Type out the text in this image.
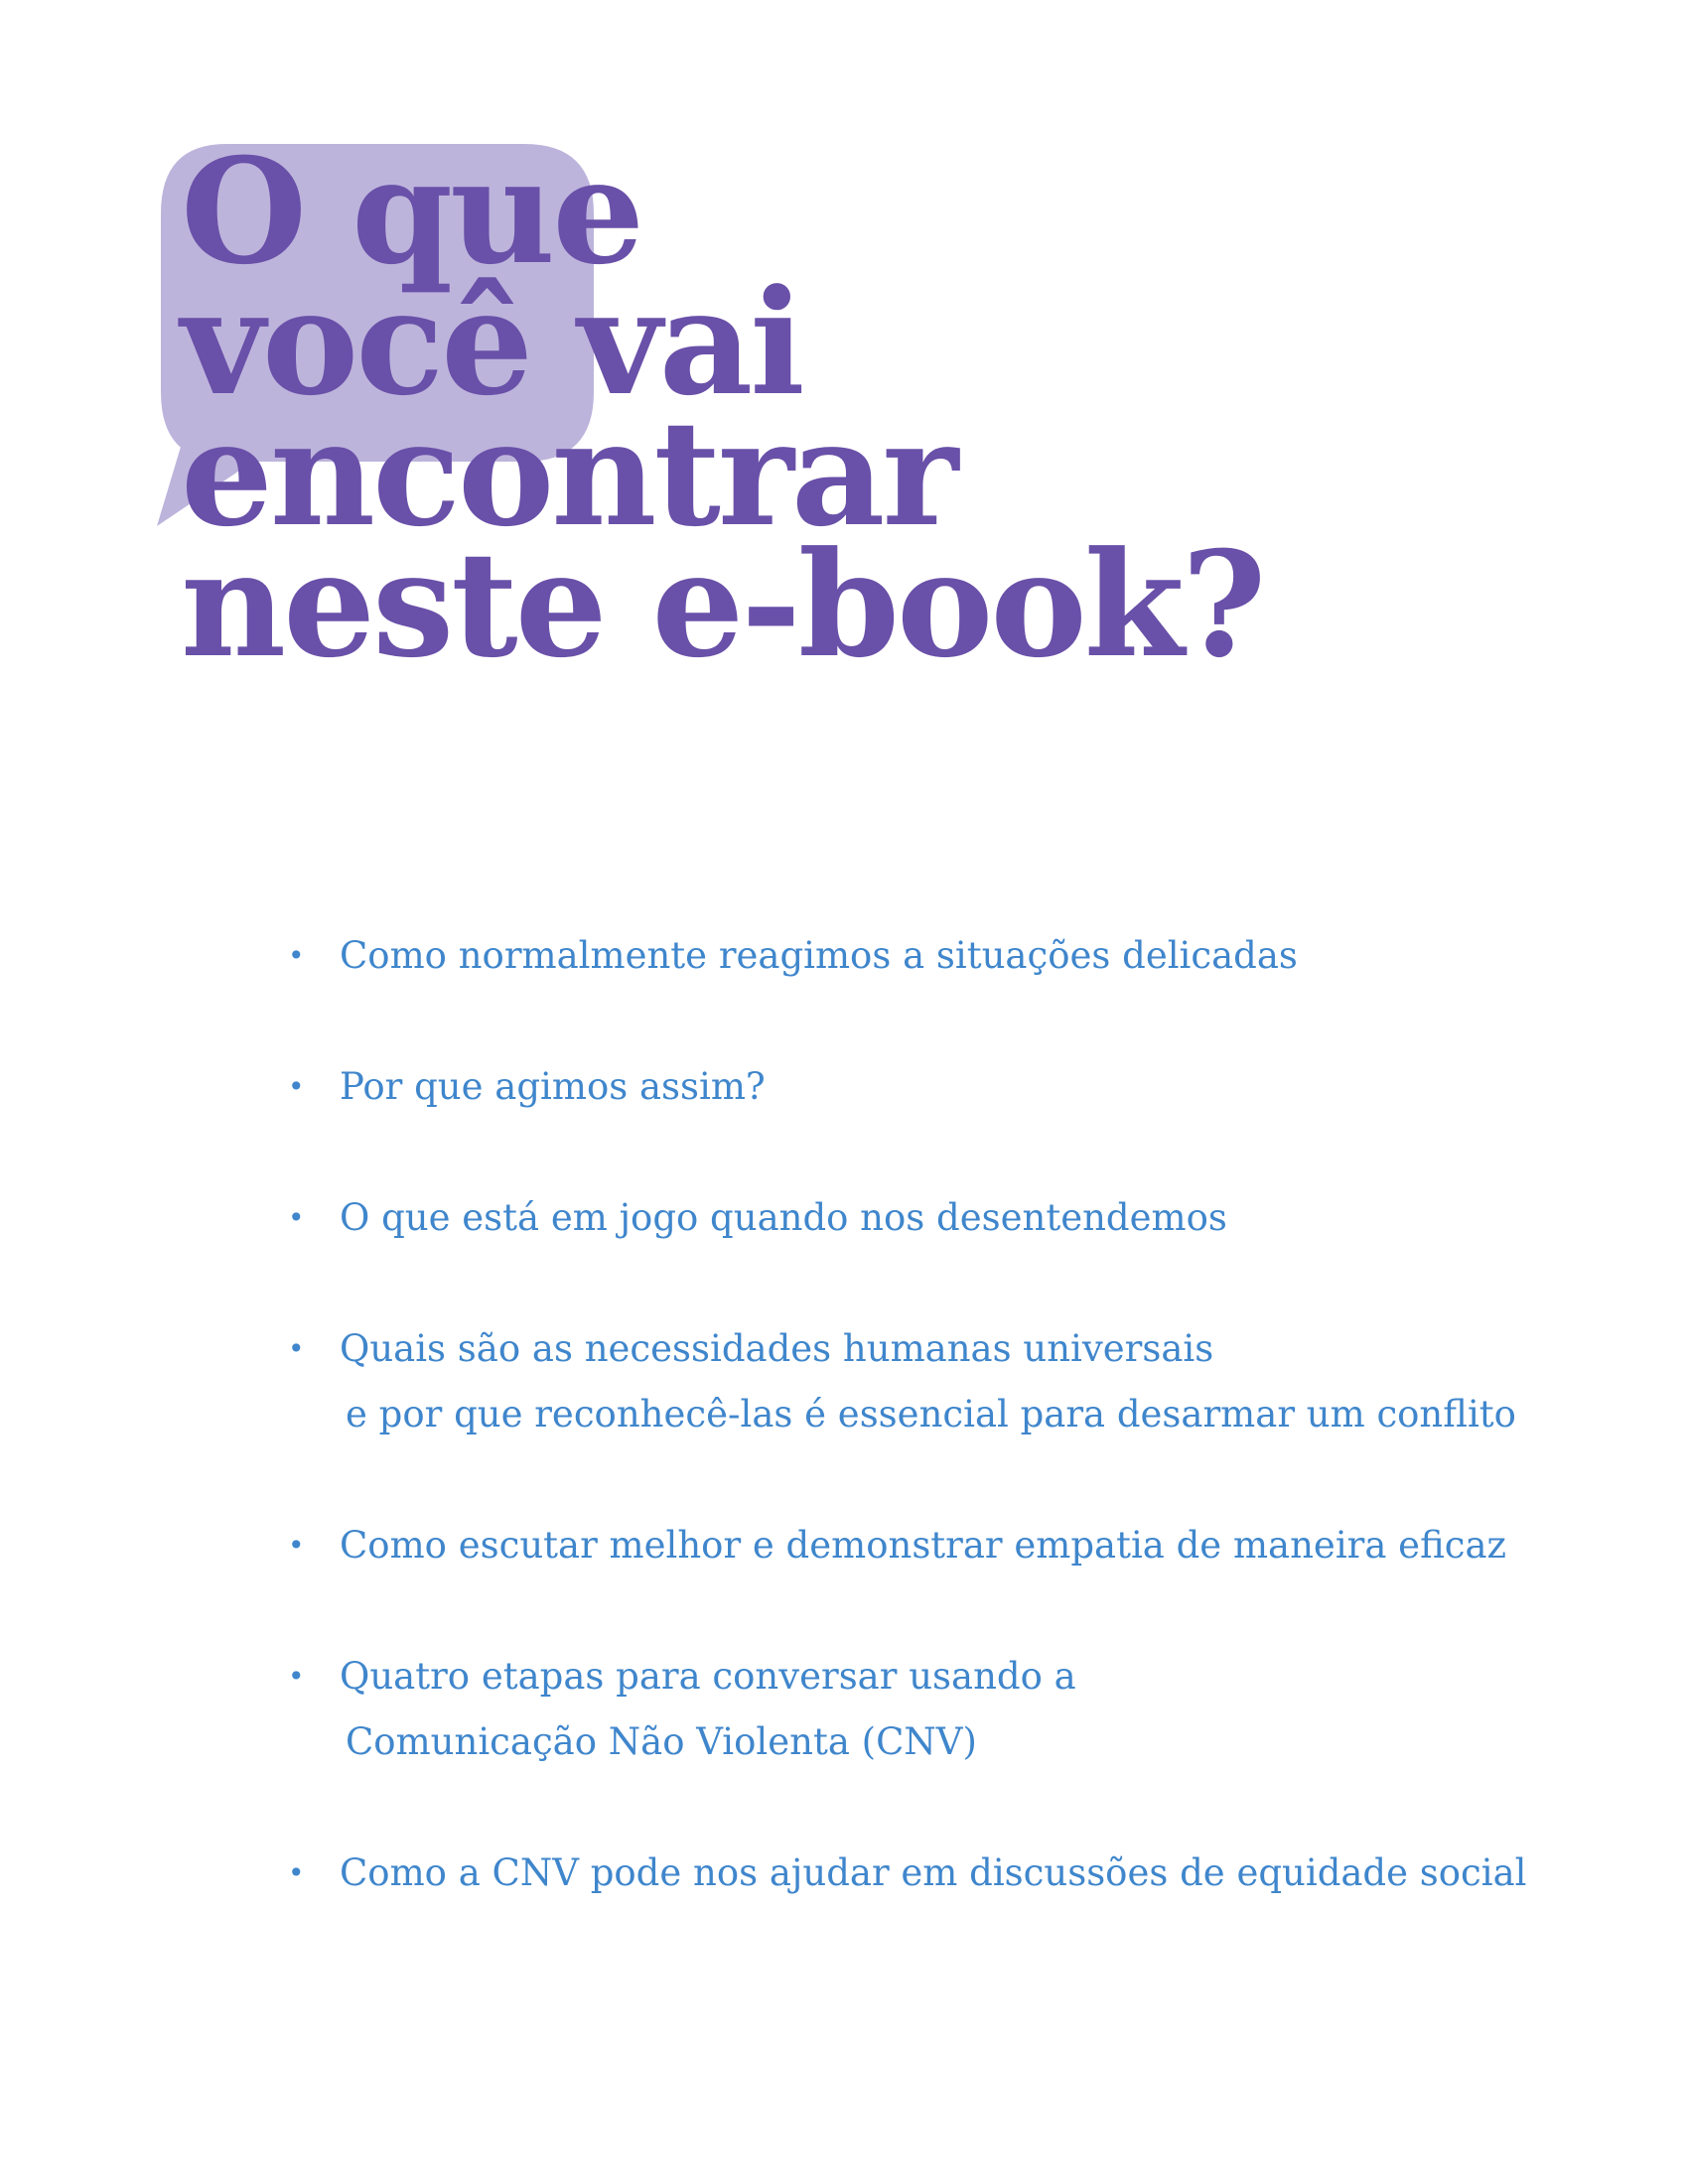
O que
você vai
encontrar
neste e-book?
• Como normalmente reagimos a situações delicadas
• Por que agimos assim?
• O que está em jogo quando nos desentendemos
• Quais são as necessidades humanas universais
e por que reconhecê-las é essencial para desarmar um conflito
• Como escutar melhor e demonstrar empatia de maneira eficaz
• Quatro etapas para conversar usando a
Comunicação Não Violenta (CNV)
• Como a CNV pode nos ajudar em discussões de equidade social
